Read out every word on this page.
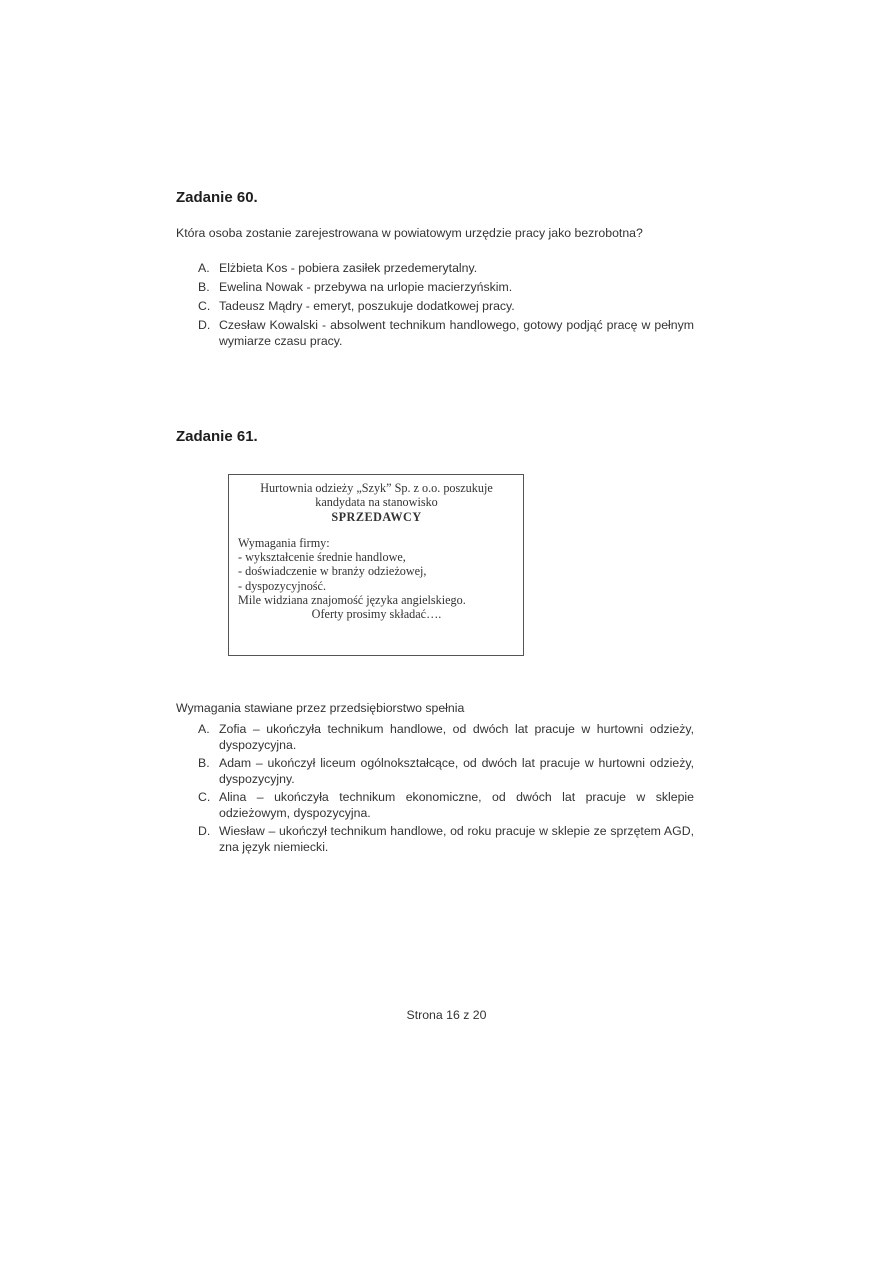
Zadanie 60.

Która osoba zostanie zarejestrowana w powiatowym urzędzie pracy jako bezrobotna?

A. Elżbieta Kos - pobiera zasiłek przedemerytalny.
B. Ewelina Nowak - przebywa na urlopie macierzyńskim.
C. Tadeusz Mądry - emeryt, poszukuje dodatkowej pracy.
D. Czesław Kowalski - absolwent technikum handlowego, gotowy podjąć pracę w pełnym wymiarze czasu pracy.
Zadanie 61.
Hurtownia odzieży „Szyk” Sp. z o.o. poszukuje
kandydata na stanowisko
SPRZEDAWCY
Wymagania firmy:
- wykształcenie średnie handlowe,
- doświadczenie w branży odzieżowej,
- dyspozycyjność.
Mile widziana znajomość języka angielskiego.
Oferty prosimy składać….

Wymagania stawiane przez przedsiębiorstwo spełnia

A. Zofia – ukończyła technikum handlowe, od dwóch lat pracuje w hurtowni odzieży, dyspozycyjna.
B. Adam – ukończył liceum ogólnokształcące, od dwóch lat pracuje w hurtowni odzieży, dyspozycyjny.
C. Alina – ukończyła technikum ekonomiczne, od dwóch lat pracuje w sklepie odzieżowym, dyspozycyjna.
D. Wiesław – ukończył technikum handlowe, od roku pracuje w sklepie ze sprzętem AGD, zna język niemiecki.
Strona 16 z 20
